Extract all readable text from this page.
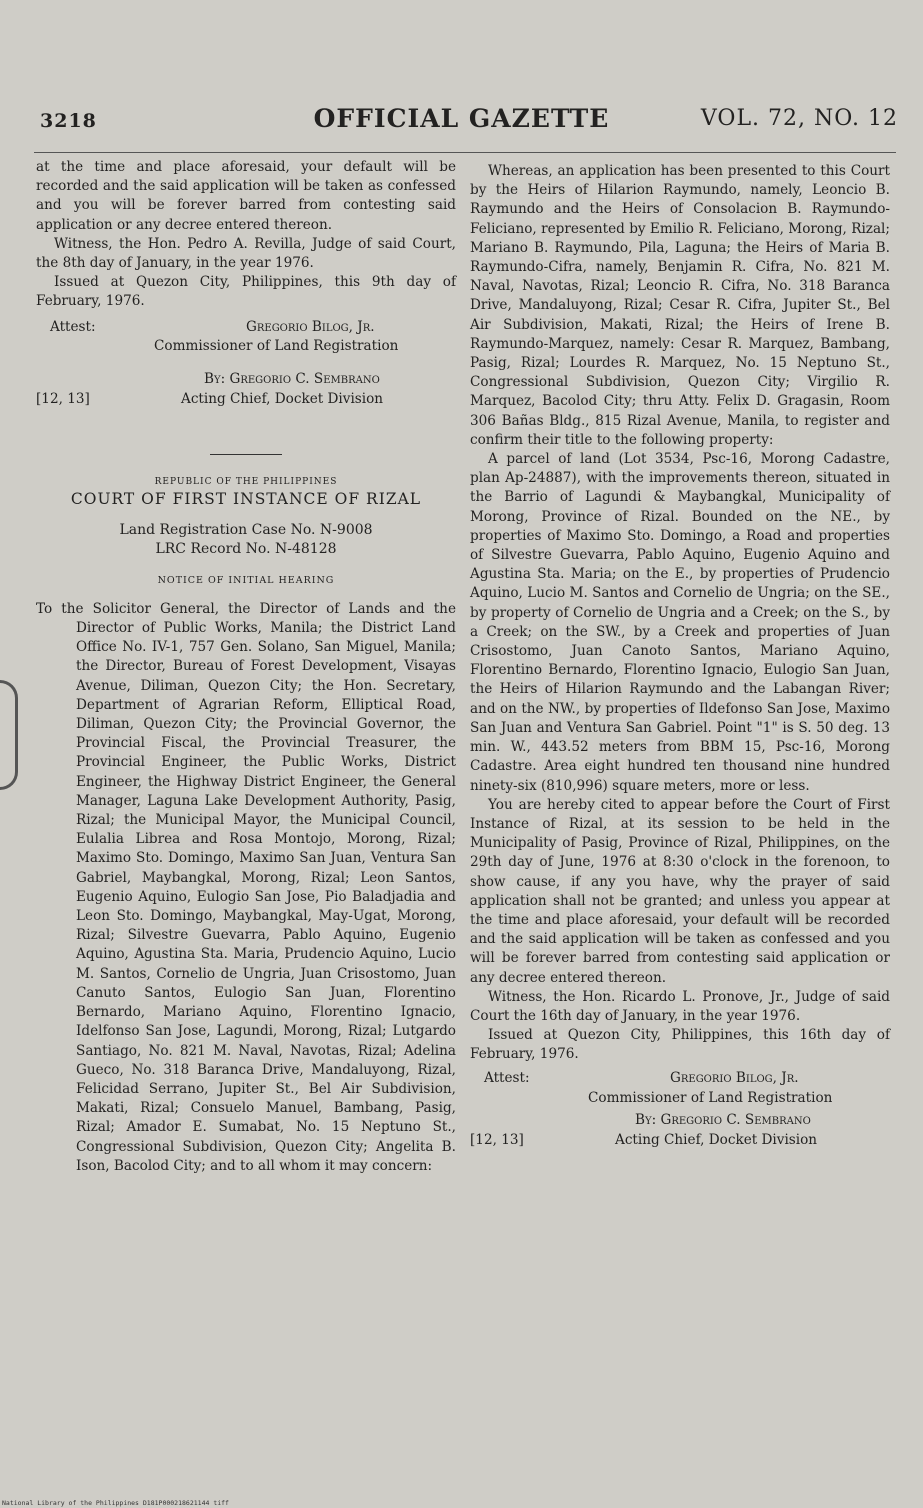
3218	OFFICIAL GAZETTE	VOL. 72, NO. 12

at the time and place aforesaid, your default will be recorded and the said application will be taken as confessed and you will be forever barred from contesting said application or any decree entered thereon.

Witness, the Hon. Pedro A. Revilla, Judge of said Court, the 8th day of January, in the year 1976.

Issued at Quezon City, Philippines, this 9th day of February, 1976.

Attest:	Gregorio Bilog, Jr.
Commissioner of Land Registration
By: Gregorio C. Sembrano
[12, 13]	Acting Chief, Docket Division
REPUBLIC OF THE PHILIPPINES
COURT OF FIRST INSTANCE OF RIZAL
Land Registration Case No. N-9008
LRC Record No. N-48128
NOTICE OF INITIAL HEARING

To the Solicitor General, the Director of Lands and the Director of Public Works, Manila; the District Land Office No. IV-1, 757 Gen. Solano, San Miguel, Manila; the Director, Bureau of Forest Development, Visayas Avenue, Diliman, Quezon City; the Hon. Secretary, Department of Agrarian Reform, Elliptical Road, Diliman, Quezon City; the Provincial Governor, the Provincial Fiscal, the Provincial Treasurer, the Provincial Engineer, the Public Works, District Engineer, the Highway District Engineer, the General Manager, Laguna Lake Development Authority, Pasig, Rizal; the Municipal Mayor, the Municipal Council, Eulalia Librea and Rosa Montojo, Morong, Rizal; Maximo Sto. Domingo, Maximo San Juan, Ventura San Gabriel, Maybangkal, Morong, Rizal; Leon Santos, Eugenio Aquino, Eulogio San Jose, Pio Baladjadia and Leon Sto. Domingo, Maybangkal, May-Ugat, Morong, Rizal; Silvestre Guevarra, Pablo Aquino, Eugenio Aquino, Agustina Sta. Maria, Prudencio Aquino, Lucio M. Santos, Cornelio de Ungria, Juan Crisostomo, Juan Canuto Santos, Eulogio San Juan, Florentino Bernardo, Mariano Aquino, Florentino Ignacio, Idelfonso San Jose, Lagundi, Morong, Rizal; Lutgardo Santiago, No. 821 M. Naval, Navotas, Rizal; Adelina Gueco, No. 318 Baranca Drive, Mandaluyong, Rizal, Felicidad Serrano, Jupiter St., Bel Air Subdivision, Makati, Rizal; Consuelo Manuel, Bambang, Pasig, Rizal; Amador E. Sumabat, No. 15 Neptuno St., Congressional Subdivision, Quezon City; Angelita B. Ison, Bacolod City; and to all whom it may concern:

Whereas, an application has been presented to this Court by the Heirs of Hilarion Raymundo, namely, Leoncio B. Raymundo and the Heirs of Consolacion B. Raymundo-Feliciano, represented by Emilio R. Feliciano, Morong, Rizal; Mariano B. Raymundo, Pila, Laguna; the Heirs of Maria B. Raymundo-Cifra, namely, Benjamin R. Cifra, No. 821 M. Naval, Navotas, Rizal; Leoncio R. Cifra, No. 318 Baranca Drive, Mandaluyong, Rizal; Cesar R. Cifra, Jupiter St., Bel Air Subdivision, Makati, Rizal; the Heirs of Irene B. Raymundo-Marquez, namely: Cesar R. Marquez, Bambang, Pasig, Rizal; Lourdes R. Marquez, No. 15 Neptuno St., Congressional Subdivision, Quezon City; Virgilio R. Marquez, Bacolod City; thru Atty. Felix D. Gragasin, Room 306 Bañas Bldg., 815 Rizal Avenue, Manila, to register and confirm their title to the following property:

A parcel of land (Lot 3534, Psc-16, Morong Cadastre, plan Ap-24887), with the improvements thereon, situated in the Barrio of Lagundi & Maybangkal, Municipality of Morong, Province of Rizal. Bounded on the NE., by properties of Maximo Sto. Domingo, a Road and properties of Silvestre Guevarra, Pablo Aquino, Eugenio Aquino and Agustina Sta. Maria; on the E., by properties of Prudencio Aquino, Lucio M. Santos and Cornelio de Ungria; on the SE., by property of Cornelio de Ungria and a Creek; on the S., by a Creek; on the SW., by a Creek and properties of Juan Crisostomo, Juan Canoto Santos, Mariano Aquino, Florentino Bernardo, Florentino Ignacio, Eulogio San Juan, the Heirs of Hilarion Raymundo and the Labangan River; and on the NW., by properties of Ildefonso San Jose, Maximo San Juan and Ventura San Gabriel. Point "1" is S. 50 deg. 13 min. W., 443.52 meters from BBM 15, Psc-16, Morong Cadastre. Area eight hundred ten thousand nine hundred ninety-six (810,996) square meters, more or less.

You are hereby cited to appear before the Court of First Instance of Rizal, at its session to be held in the Municipality of Pasig, Province of Rizal, Philippines, on the 29th day of June, 1976 at 8:30 o'clock in the forenoon, to show cause, if any you have, why the prayer of said application shall not be granted; and unless you appear at the time and place aforesaid, your default will be recorded and the said application will be taken as confessed and you will be forever barred from contesting said application or any decree entered thereon.

Witness, the Hon. Ricardo L. Pronove, Jr., Judge of said Court the 16th day of January, in the year 1976.

Issued at Quezon City, Philippines, this 16th day of February, 1976.

Attest:	Gregorio Bilog, Jr.
Commissioner of Land Registration
By: Gregorio C. Sembrano
[12, 13]	Acting Chief, Docket Division
National Library of the Philippines D181P000218621144 tiff
